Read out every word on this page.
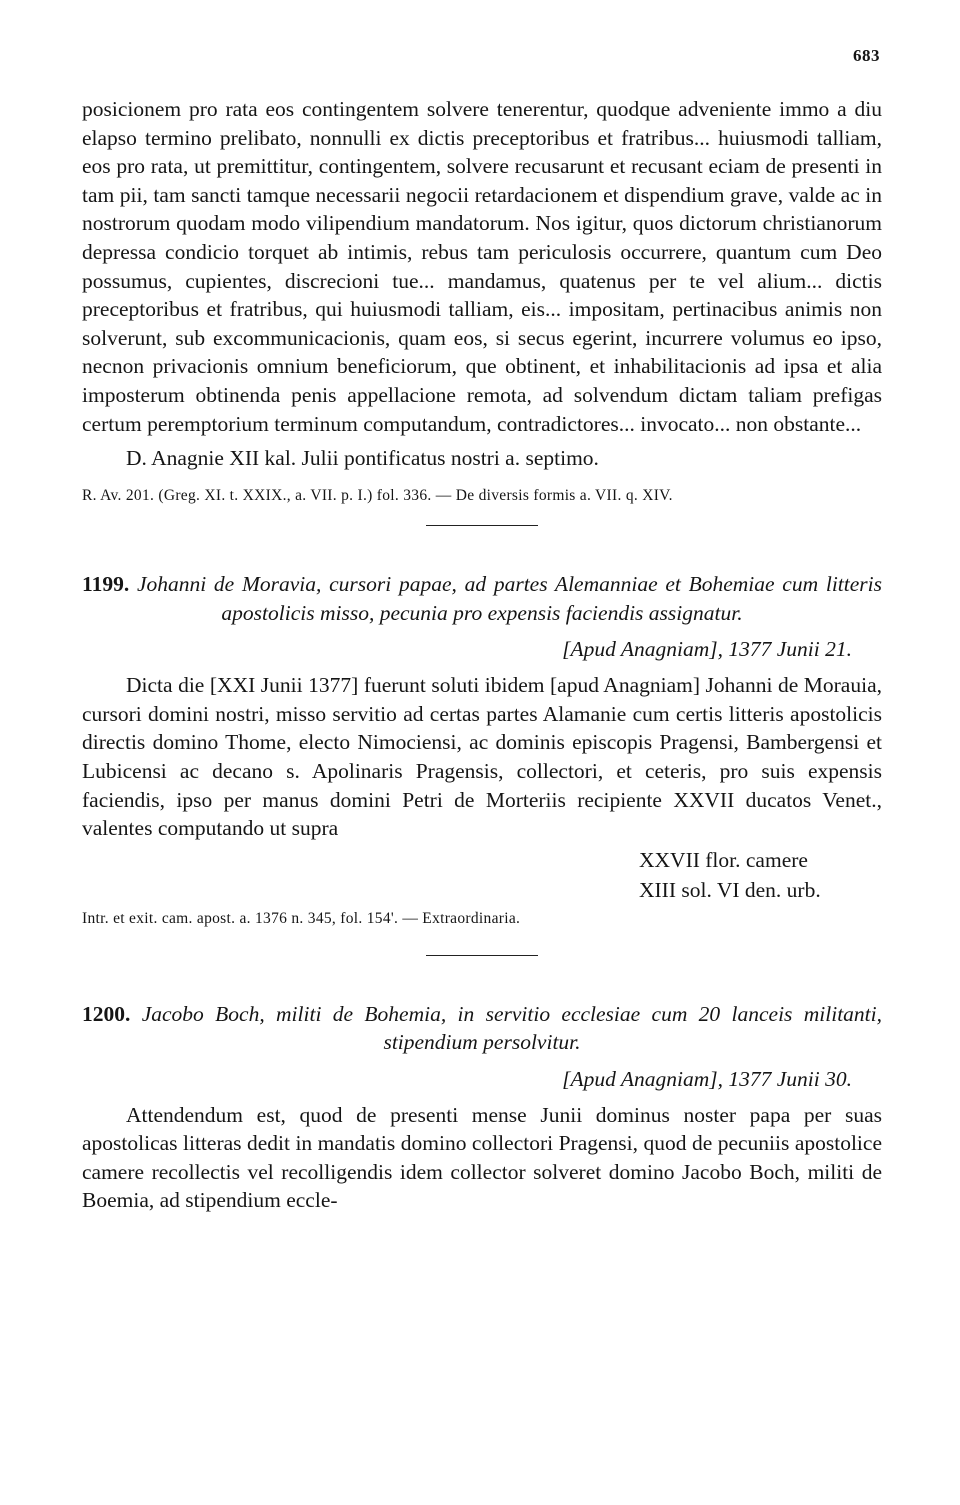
683

posicionem pro rata eos contingentem solvere tenerentur, quodque adveniente immo a diu elapso termino prelibato, nonnulli ex dictis preceptoribus et fratribus... huiusmodi talliam, eos pro rata, ut premittitur, contingentem, solvere recusarunt et recusant eciam de presenti in tam pii, tam sancti tamque necessarii negocii retardacionem et dispendium grave, valde ac in nostrorum quodam modo vilipendium mandatorum. Nos igitur, quos dictorum christianorum depressa condicio torquet ab intimis, rebus tam periculosis occurrere, quantum cum Deo possumus, cupientes, discrecioni tue... mandamus, quatenus per te vel alium... dictis preceptoribus et fratribus, qui huiusmodi talliam, eis... impositam, pertinacibus animis non solverunt, sub excommunicacionis, quam eos, si secus egerint, incurrere volumus eo ipso, necnon privacionis omnium beneficiorum, que obtinent, et inhabilitacionis ad ipsa et alia imposterum obtinenda penis appellacione remota, ad solvendum dictam taliam prefigas certum peremptorium terminum computandum, contradictores... invocato... non obstante...

D. Anagnie XII kal. Julii pontificatus nostri a. septimo.

R. Av. 201. (Greg. XI. t. XXIX., a. VII. p. I.) fol. 336. — De diversis formis a. VII. q. XIV.

1199. Johanni de Moravia, cursori papae, ad partes Alemanniae et Bohemiae cum litteris apostolicis misso, pecunia pro expensis faciendis assignatur.
[Apud Anagniam], 1377 Junii 21.

Dicta die [XXI Junii 1377] fuerunt soluti ibidem [apud Anagniam] Johanni de Morauia, cursori domini nostri, misso servitio ad certas partes Alamanie cum certis litteris apostolicis directis domino Thome, electo Nimociensi, ac dominis episcopis Pragensi, Bambergensi et Lubicensi ac decano s. Apolinaris Pragensis, collectori, et ceteris, pro suis expensis faciendis, ipso per manus domini Petri de Morteriis recipiente XXVII ducatos Venet., valentes computando ut supra

XXVII flor. camere
XIII sol. VI den. urb.

Intr. et exit. cam. apost. a. 1376 n. 345, fol. 154'. — Extraordinaria.

1200. Jacobo Boch, militi de Bohemia, in servitio ecclesiae cum 20 lanceis militanti, stipendium persolvitur.
[Apud Anagniam], 1377 Junii 30.

Attendendum est, quod de presenti mense Junii dominus noster papa per suas apostolicas litteras dedit in mandatis domino collectori Pragensi, quod de pecuniis apostolice camere recollectis vel recolligendis idem collector solveret domino Jacobo Boch, militi de Boemia, ad stipendium eccle-
